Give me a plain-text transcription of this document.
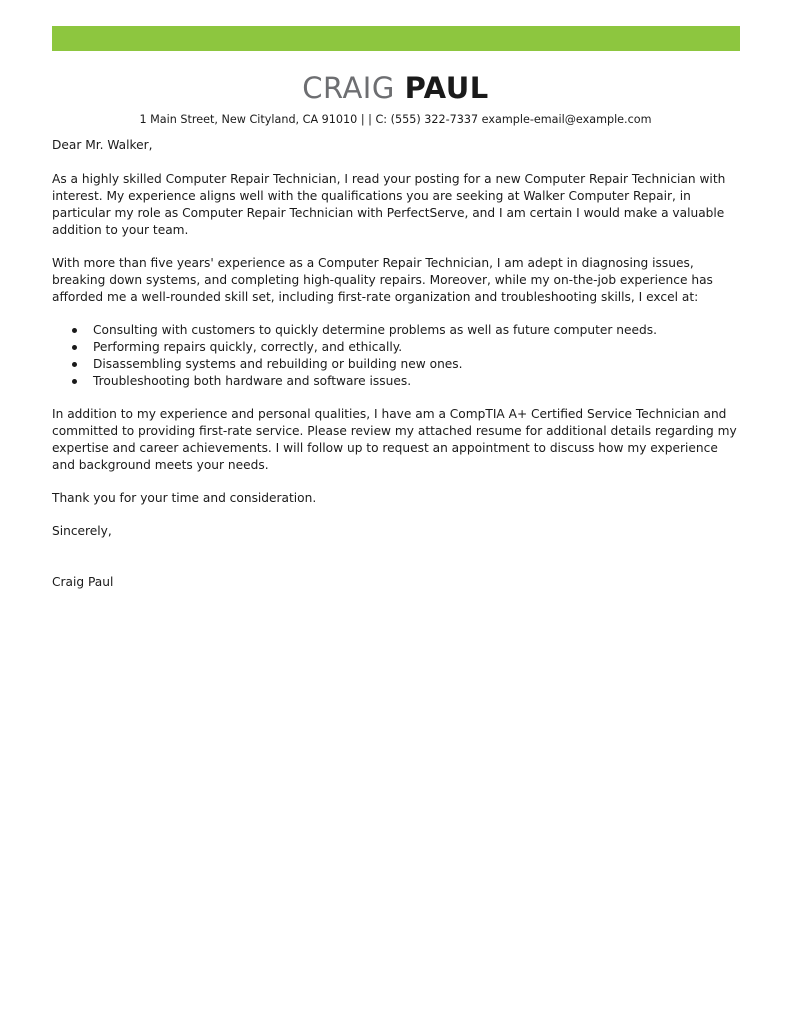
CRAIG PAUL
1 Main Street, New Cityland, CA 91010 | | C: (555) 322-7337 example-email@example.com

Dear Mr. Walker,

As a highly skilled Computer Repair Technician, I read your posting for a new Computer Repair Technician with interest. My experience aligns well with the qualifications you are seeking at Walker Computer Repair, in particular my role as Computer Repair Technician with PerfectServe, and I am certain I would make a valuable addition to your team.

With more than five years' experience as a Computer Repair Technician, I am adept in diagnosing issues, breaking down systems, and completing high-quality repairs. Moreover, while my on-the-job experience has afforded me a well-rounded skill set, including first-rate organization and troubleshooting skills, I excel at:

Consulting with customers to quickly determine problems as well as future computer needs.
Performing repairs quickly, correctly, and ethically.
Disassembling systems and rebuilding or building new ones.
Troubleshooting both hardware and software issues.

In addition to my experience and personal qualities, I have am a CompTIA A+ Certified Service Technician and committed to providing first-rate service. Please review my attached resume for additional details regarding my expertise and career achievements. I will follow up to request an appointment to discuss how my experience and background meets your needs.

Thank you for your time and consideration.

Sincerely,

Craig Paul
